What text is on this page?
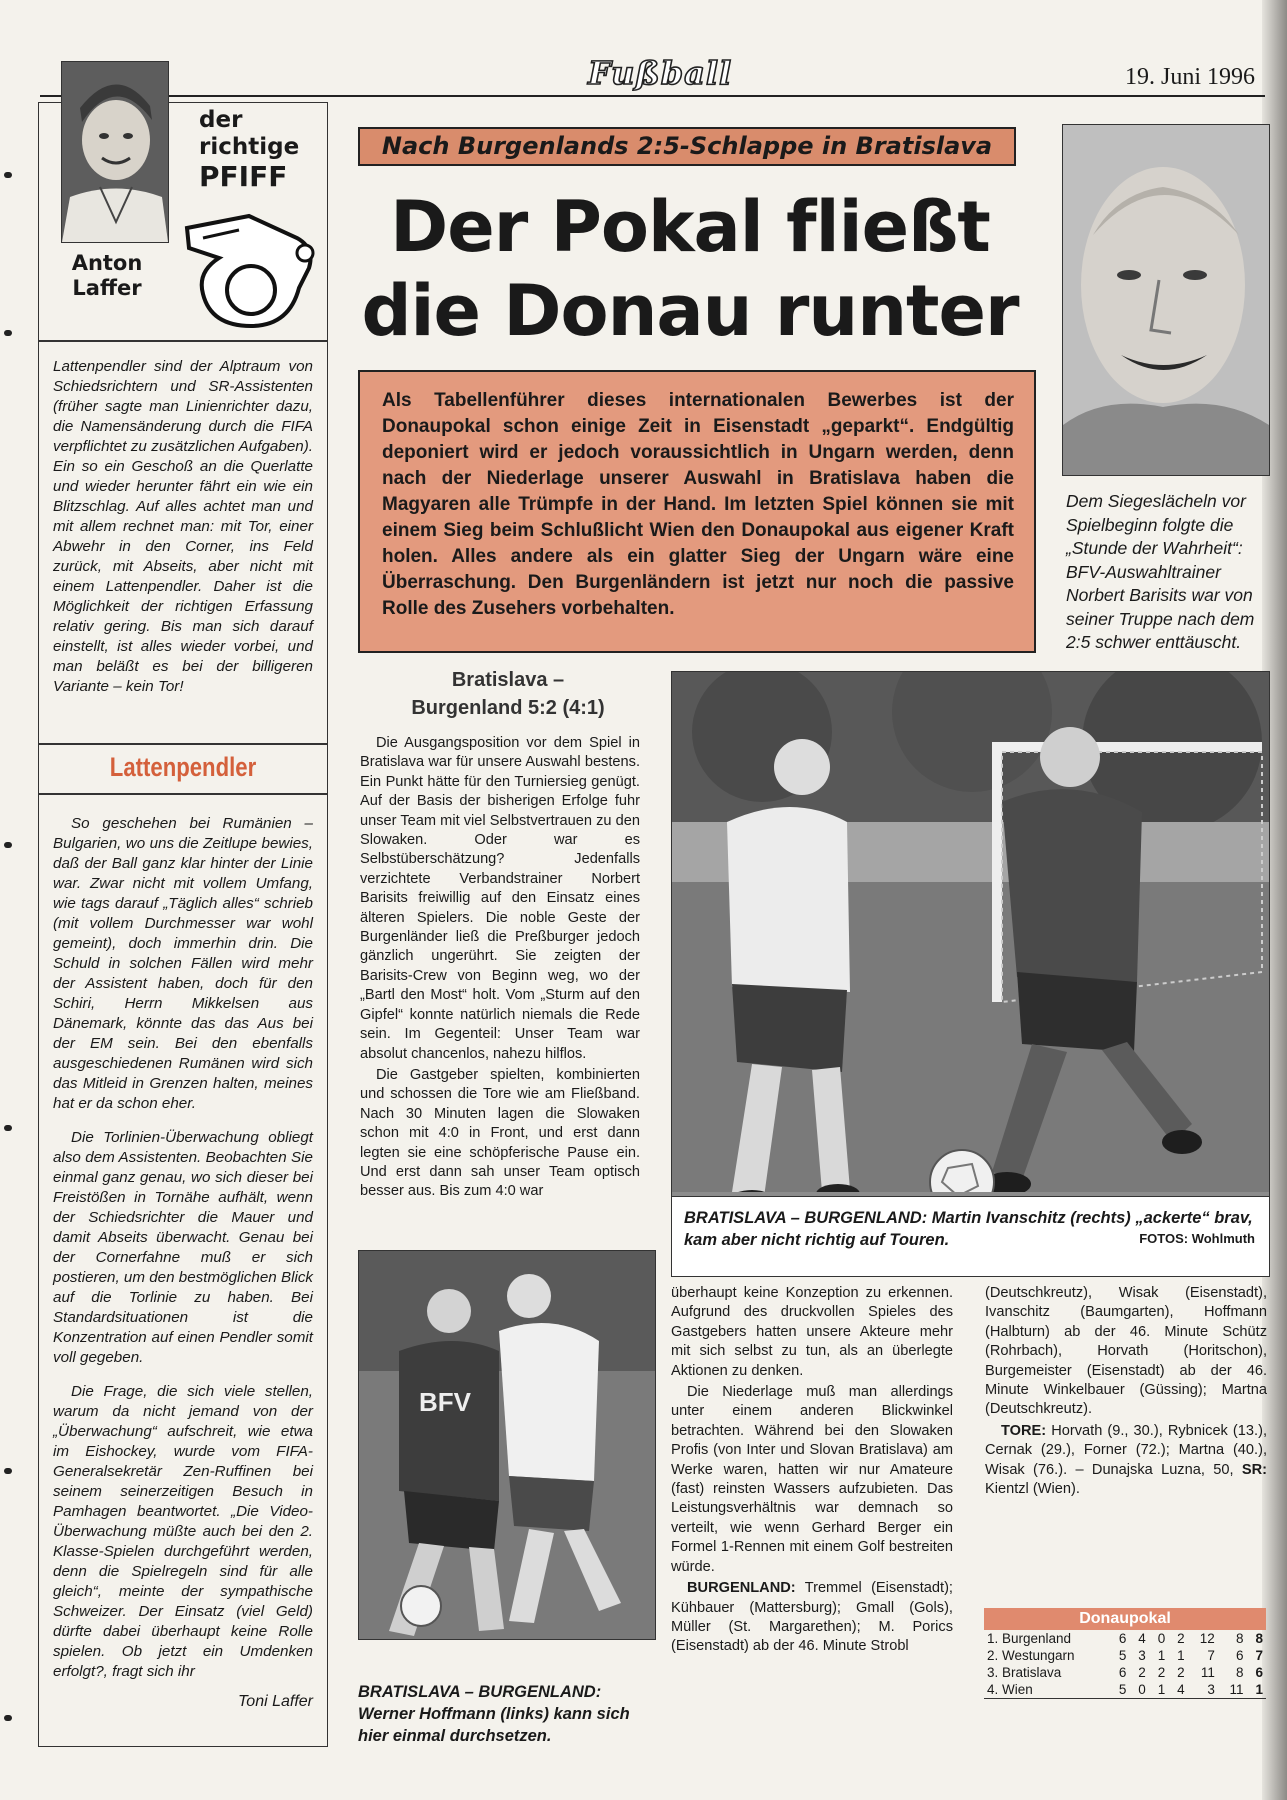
Fußball	19. Juni 1996
der
richtige
PFIFF
Anton Laffer
Lattenpendler sind der Alptraum von Schiedsrichtern und SR-Assistenten (früher sagte man Linienrichter dazu, die Namensänderung durch die FIFA verpflichtet zu zusätzlichen Aufgaben). Ein so ein Geschoß an die Querlatte und wieder herunter fährt ein wie ein Blitzschlag. Auf alles achtet man und mit allem rechnet man: mit Tor, einer Abwehr in den Corner, ins Feld zurück, mit Abseits, aber nicht mit einem Lattenpendler. Daher ist die Möglichkeit der richtigen Erfassung relativ gering. Bis man sich darauf einstellt, ist alles wieder vorbei, und man beläßt es bei der billigeren Variante – kein Tor!
Lattenpendler

So geschehen bei Rumänien – Bulgarien, wo uns die Zeitlupe bewies, daß der Ball ganz klar hinter der Linie war. Zwar nicht mit vollem Umfang, wie tags darauf „Täglich alles“ schrieb (mit vollem Durchmesser war wohl gemeint), doch immerhin drin. Die Schuld in solchen Fällen wird mehr der Assistent haben, doch für den Schiri, Herrn Mikkelsen aus Dänemark, könnte das das Aus bei der EM sein. Bei den ebenfalls ausgeschiedenen Rumänen wird sich das Mitleid in Grenzen halten, meines hat er da schon eher.

Die Torlinien-Überwachung obliegt also dem Assistenten. Beobachten Sie einmal ganz genau, wo sich dieser bei Freistößen in Tornähe aufhält, wenn der Schiedsrichter die Mauer und damit Abseits überwacht. Genau bei der Cornerfahne muß er sich postieren, um den bestmöglichen Blick auf die Torlinie zu haben. Bei Standardsituationen ist die Konzentration auf einen Pendler somit voll gegeben.

Die Frage, die sich viele stellen, warum da nicht jemand von der „Überwachung“ aufschreit, wie etwa im Eishockey, wurde vom FIFA-Generalsekretär Zen-Ruffinen bei seinem seinerzeitigen Besuch in Pamhagen beantwortet. „Die Video-Überwachung müßte auch bei den 2. Klasse-Spielen durchgeführt werden, denn die Spielregeln sind für alle gleich“, meinte der sympathische Schweizer. Der Einsatz (viel Geld) dürfte dabei überhaupt keine Rolle spielen. Ob jetzt ein Umdenken erfolgt?, fragt sich ihr

Toni Laffer
Nach Burgenlands 2:5-Schlappe in Bratislava
Der Pokal fließt
die Donau runter
Als Tabellenführer dieses internationalen Bewerbes ist der Donaupokal schon einige Zeit in Eisenstadt „geparkt“. Endgültig deponiert wird er jedoch voraussichtlich in Ungarn werden, denn nach der Niederlage unserer Auswahl in Bratislava haben die Magyaren alle Trümpfe in der Hand. Im letzten Spiel können sie mit einem Sieg beim Schlußlicht Wien den Donaupokal aus eigener Kraft holen. Alles andere als ein glatter Sieg der Ungarn wäre eine Überraschung. Den Burgenländern ist jetzt nur noch die passive Rolle des Zusehers vorbehalten.
Dem Siegeslächeln vor Spielbeginn folgte die „Stunde der Wahrheit“: BFV-Auswahltrainer Norbert Barisits war von seiner Truppe nach dem 2:5 schwer enttäuscht.
Bratislava –
Burgenland 5:2 (4:1)

Die Ausgangsposition vor dem Spiel in Bratislava war für unsere Auswahl bestens. Ein Punkt hätte für den Turniersieg genügt. Auf der Basis der bisherigen Erfolge fuhr unser Team mit viel Selbstvertrauen zu den Slowaken. Oder war es Selbstüberschätzung? Jedenfalls verzichtete Verbandstrainer Norbert Barisits freiwillig auf den Einsatz eines älteren Spielers. Die noble Geste der Burgenländer ließ die Preßburger jedoch gänzlich ungerührt. Sie zeigten der Barisits-Crew von Beginn weg, wo der „Bartl den Most“ holt. Vom „Sturm auf den Gipfel“ konnte natürlich niemals die Rede sein. Im Gegenteil: Unser Team war absolut chancenlos, nahezu hilflos.

Die Gastgeber spielten, kombinierten und schossen die Tore wie am Fließband. Nach 30 Minuten lagen die Slowaken schon mit 4:0 in Front, und erst dann legten sie eine schöpferische Pause ein. Und erst dann sah unser Team optisch besser aus. Bis zum 4:0 war

BRATISLAVA – BURGENLAND: Martin Ivanschitz (rechts) „ackerte“ brav, kam aber nicht richtig auf Touren.	FOTOS: Wohlmuth
BFV
BRATISLAVA – BURGENLAND: Werner Hoffmann (links) kann sich hier einmal durchsetzen.

überhaupt keine Konzeption zu erkennen. Aufgrund des druckvollen Spieles des Gastgebers hatten unsere Akteure mehr mit sich selbst zu tun, als an überlegte Aktionen zu denken.

Die Niederlage muß man allerdings unter einem anderen Blickwinkel betrachten. Während bei den Slowaken Profis (von Inter und Slovan Bratislava) am Werke waren, hatten wir nur Amateure (fast) reinsten Wassers aufzubieten. Das Leistungsverhältnis war demnach so verteilt, wie wenn Gerhard Berger ein Formel 1-Rennen mit einem Golf bestreiten würde.

BURGENLAND: Tremmel (Eisenstadt); Kühbauer (Mattersburg); Gmall (Gols), Müller (St. Margarethen); M. Porics (Eisenstadt) ab der 46. Minute Strobl

(Deutschkreutz), Wisak (Eisenstadt), Ivanschitz (Baumgarten), Hoffmann (Halbturn) ab der 46. Minute Schütz (Rohrbach), Horvath (Horitschon), Burgemeister (Eisenstadt) ab der 46. Minute Winkelbauer (Güssing); Martna (Deutschkreutz).

TORE: Horvath (9., 30.), Rybnicek (13.), Cernak (29.), Forner (72.); Martna (40.), Wisak (76.). – Dunajska Luzna, 50, SR: Kientzl (Wien).

Donaupokal
1. Burgenland	6	4	0	2	12	8	8
2. Westungarn	5	3	1	1	7	6	7
3. Bratislava	6	2	2	2	11	8	6
4. Wien	5	0	1	4	3	11	1
